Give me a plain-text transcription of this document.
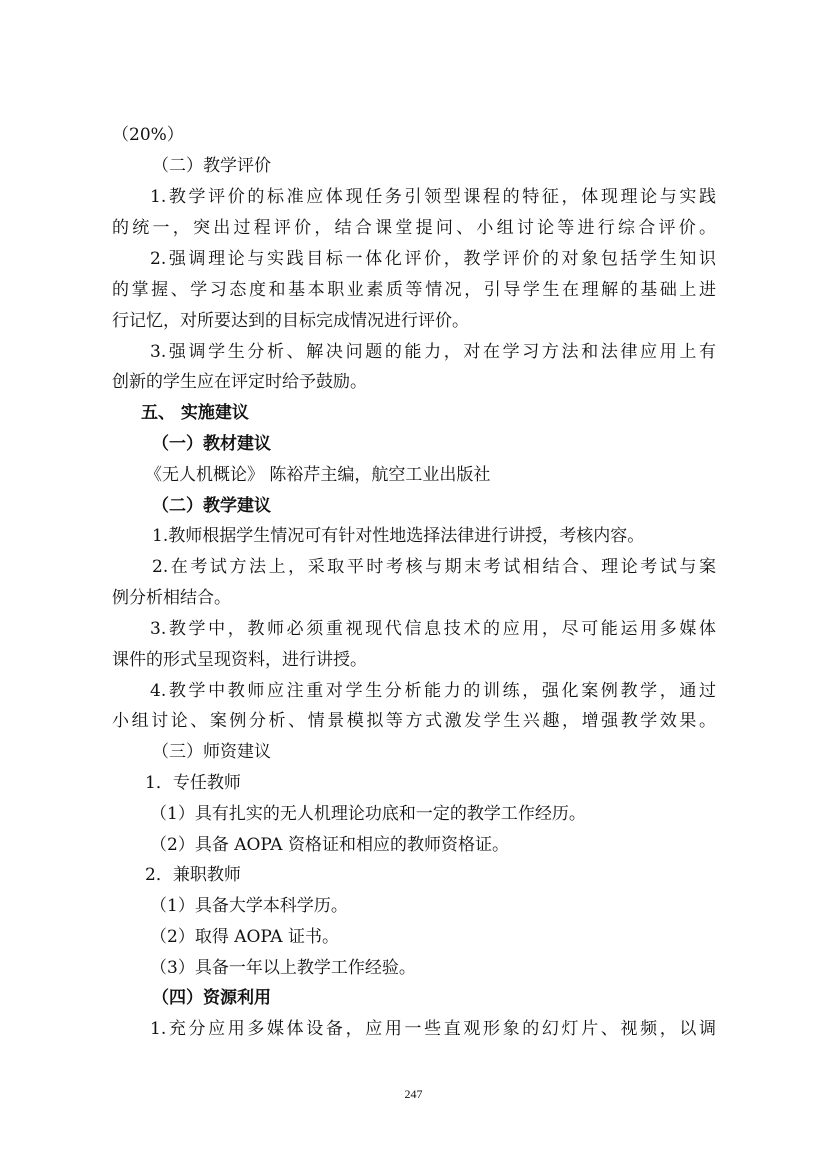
（20%）
（二）教学评价
1.教学评价的标准应体现任务引领型课程的特征，体现理论与实践
的统一，突出过程评价，结合课堂提问、小组讨论等进行综合评价。
2.强调理论与实践目标一体化评价，教学评价的对象包括学生知识
的掌握、学习态度和基本职业素质等情况，引导学生在理解的基础上进
行记忆，对所要达到的目标完成情况进行评价。
3.强调学生分析、解决问题的能力，对在学习方法和法律应用上有
创新的学生应在评定时给予鼓励。
五、 实施建议
（一）教材建议
《无人机概论》 陈裕芹主编，航空工业出版社
（二）教学建议
1.教师根据学生情况可有针对性地选择法律进行讲授，考核内容。
2.在考试方法上，采取平时考核与期末考试相结合、理论考试与案
例分析相结合。
3.教学中，教师必须重视现代信息技术的应用，尽可能运用多媒体
课件的形式呈现资料，进行讲授。
4.教学中教师应注重对学生分析能力的训练，强化案例教学，通过
小组讨论、案例分析、情景模拟等方式激发学生兴趣，增强教学效果。
（三）师资建议
1．专任教师
（1）具有扎实的无人机理论功底和一定的教学工作经历。
（2）具备 AOPA 资格证和相应的教师资格证。
2．兼职教师
（1）具备大学本科学历。
（2）取得 AOPA 证书。
（3）具备一年以上教学工作经验。
（四）资源利用
1.充分应用多媒体设备，应用一些直观形象的幻灯片、视频，以调
247
